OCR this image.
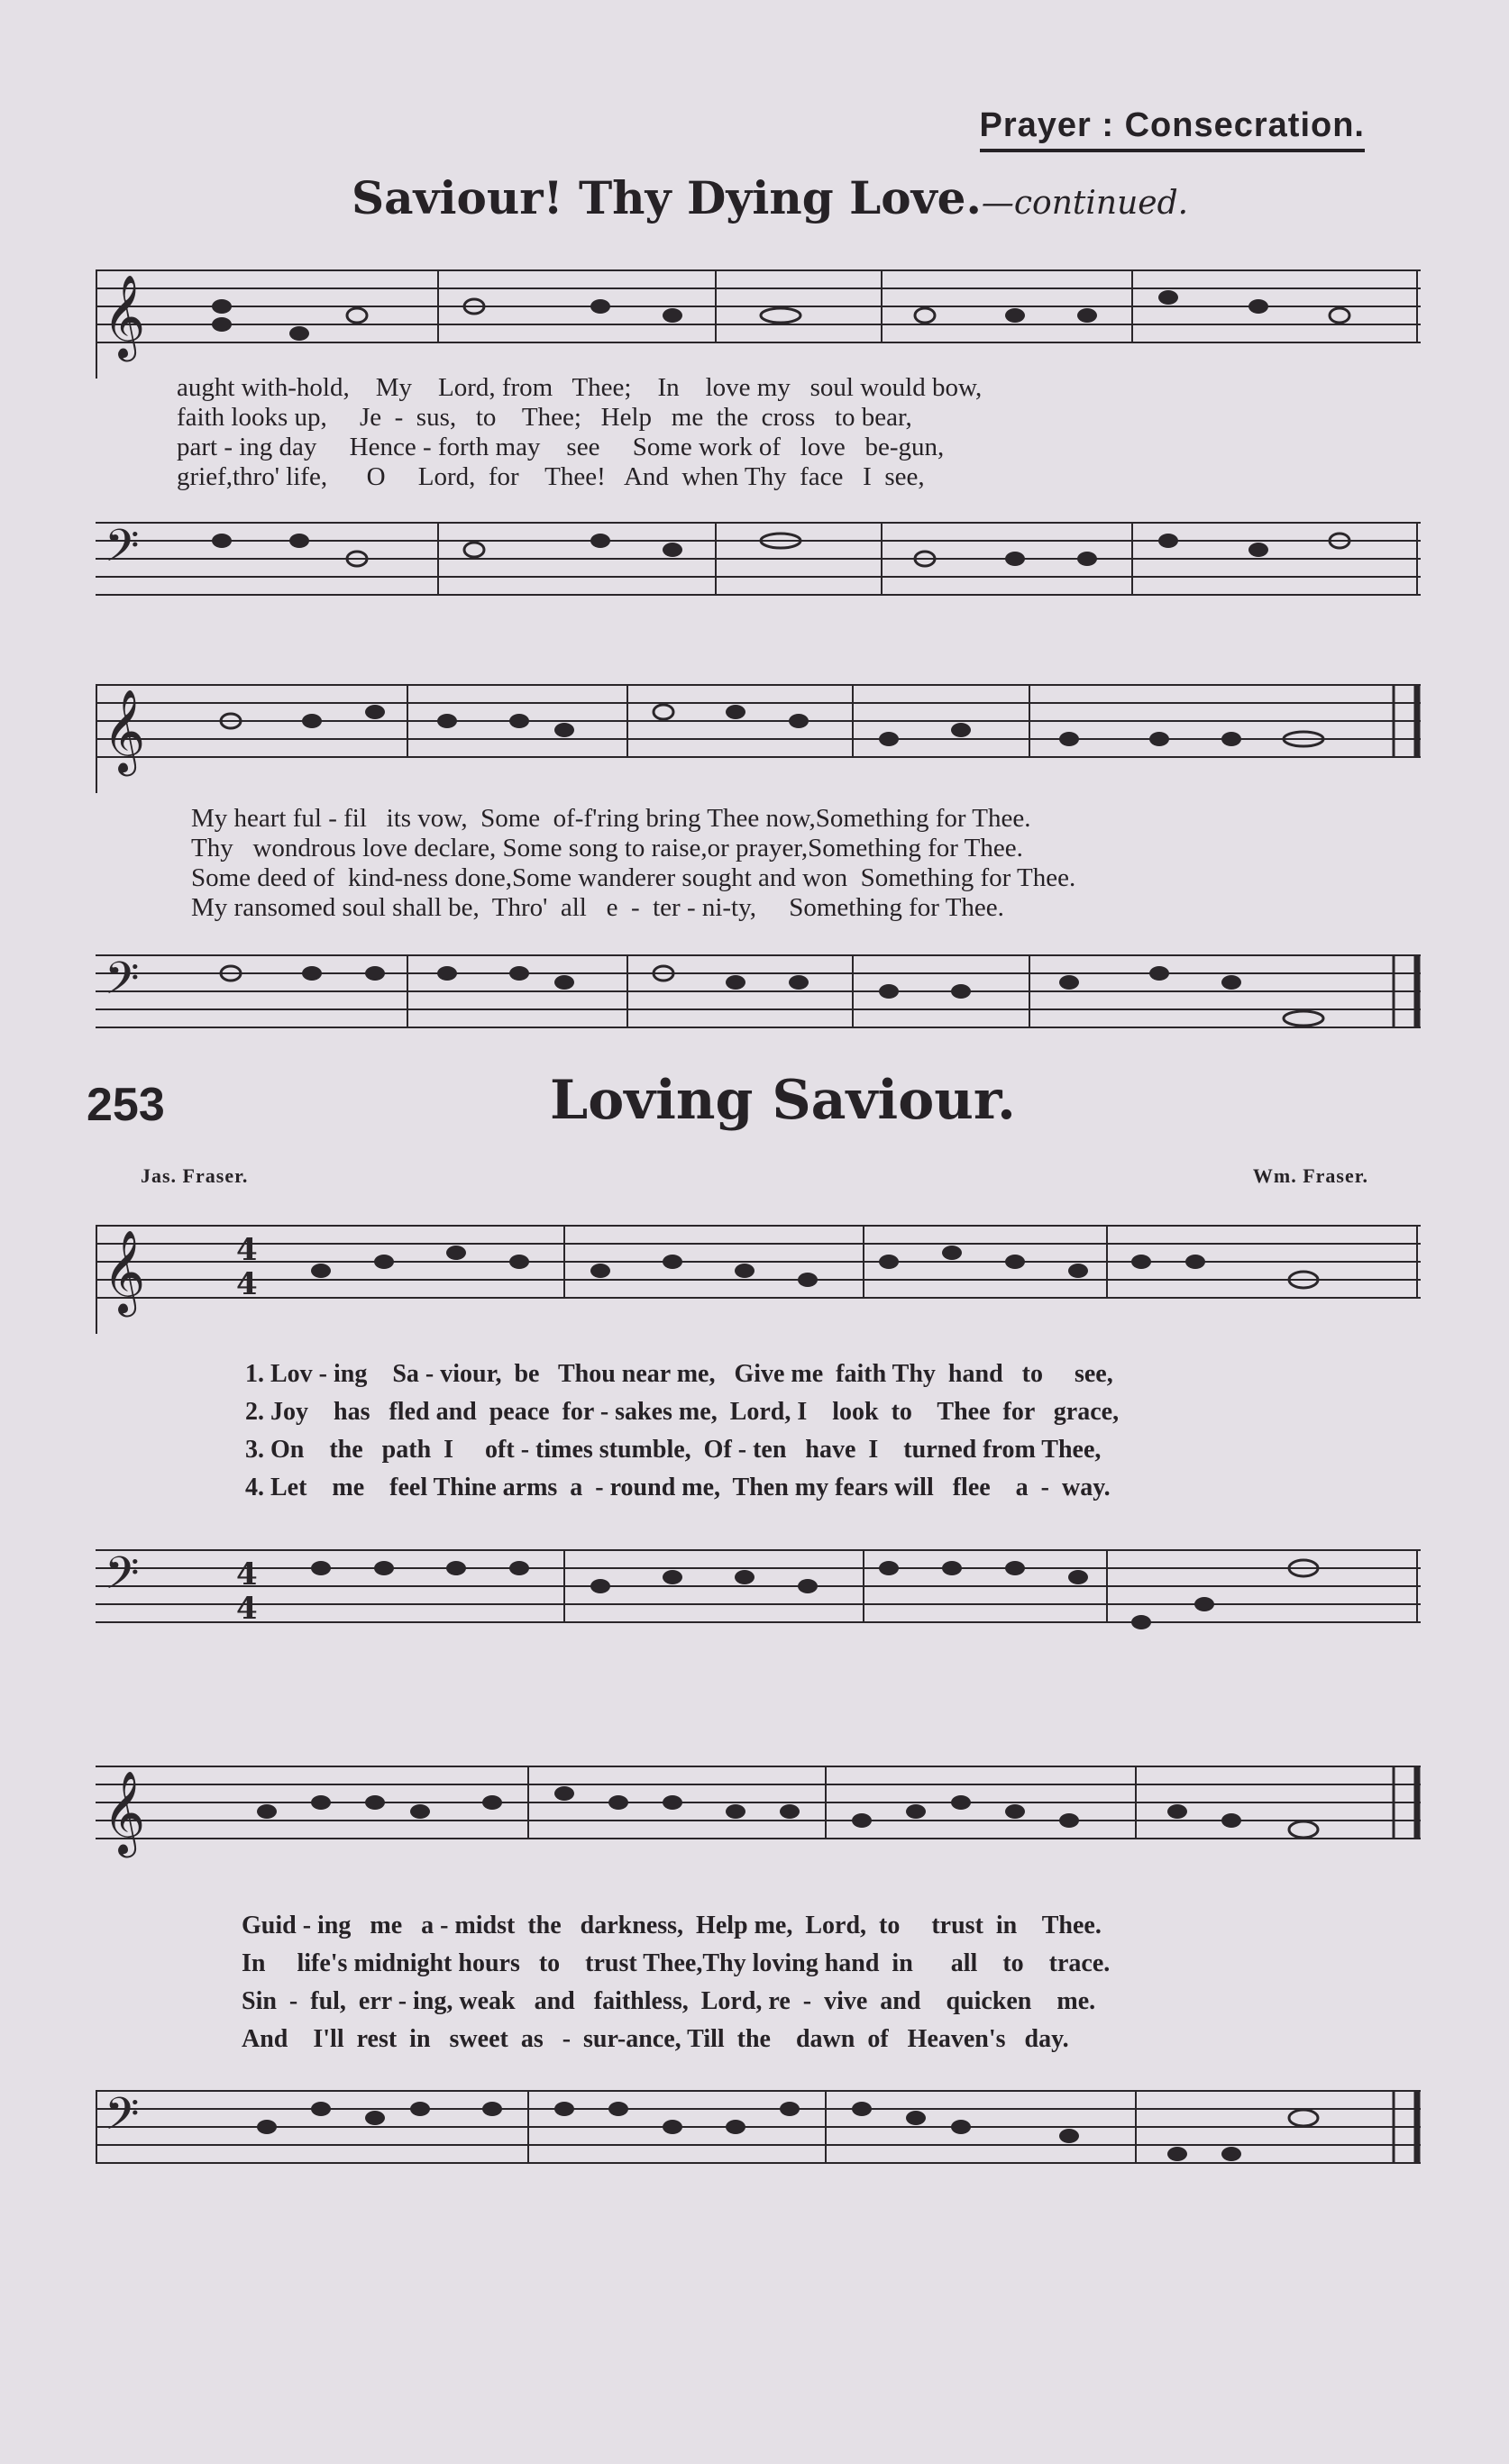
Prayer : Consecration.
Saviour! Thy Dying Love.—continued.
𝄞
aught with-hold,    My    Lord, from   Thee;    In    love my   soul would bow,
faith looks up,     Je  -  sus,   to    Thee;   Help   me  the  cross   to bear,
part - ing day     Hence - forth may    see     Some work of   love   be-gun,
grief,thro' life,      O     Lord,  for    Thee!   And  when Thy  face   I  see,
𝄢
𝄞
My heart ful - fil   its vow,  Some  of-f'ring bring Thee now,Something for Thee.
Thy   wondrous love declare, Some song to raise,or prayer,Something for Thee.
Some deed of  kind-ness done,Some wanderer sought and won  Something for Thee.
My ransomed soul shall be,  Thro'  all   e  -  ter - ni-ty,     Something for Thee.
𝄢
253	Loving Saviour.
Jas. Fraser.	Wm. Fraser.
𝄞	4
4
1. Lov - ing    Sa - viour,  be   Thou near me,   Give me  faith Thy  hand   to     see,
2. Joy    has   fled and  peace  for - sakes me,  Lord, I    look  to    Thee  for   grace,
3. On    the   path  I     oft - times stumble,  Of - ten   have  I    turned from Thee,
4. Let    me    feel Thine arms  a  - round me,  Then my fears will   flee    a  -  way.
𝄢	4
4
𝄞
Guid - ing   me   a - midst  the   darkness,  Help me,  Lord,  to     trust  in    Thee.
In     life's midnight hours   to    trust Thee,Thy loving hand  in      all    to    trace.
Sin  -  ful,  err - ing, weak   and   faithless,  Lord, re  -  vive  and    quicken    me.
And    I'll  rest  in   sweet  as   -  sur-ance, Till  the    dawn  of   Heaven's   day.
𝄢
